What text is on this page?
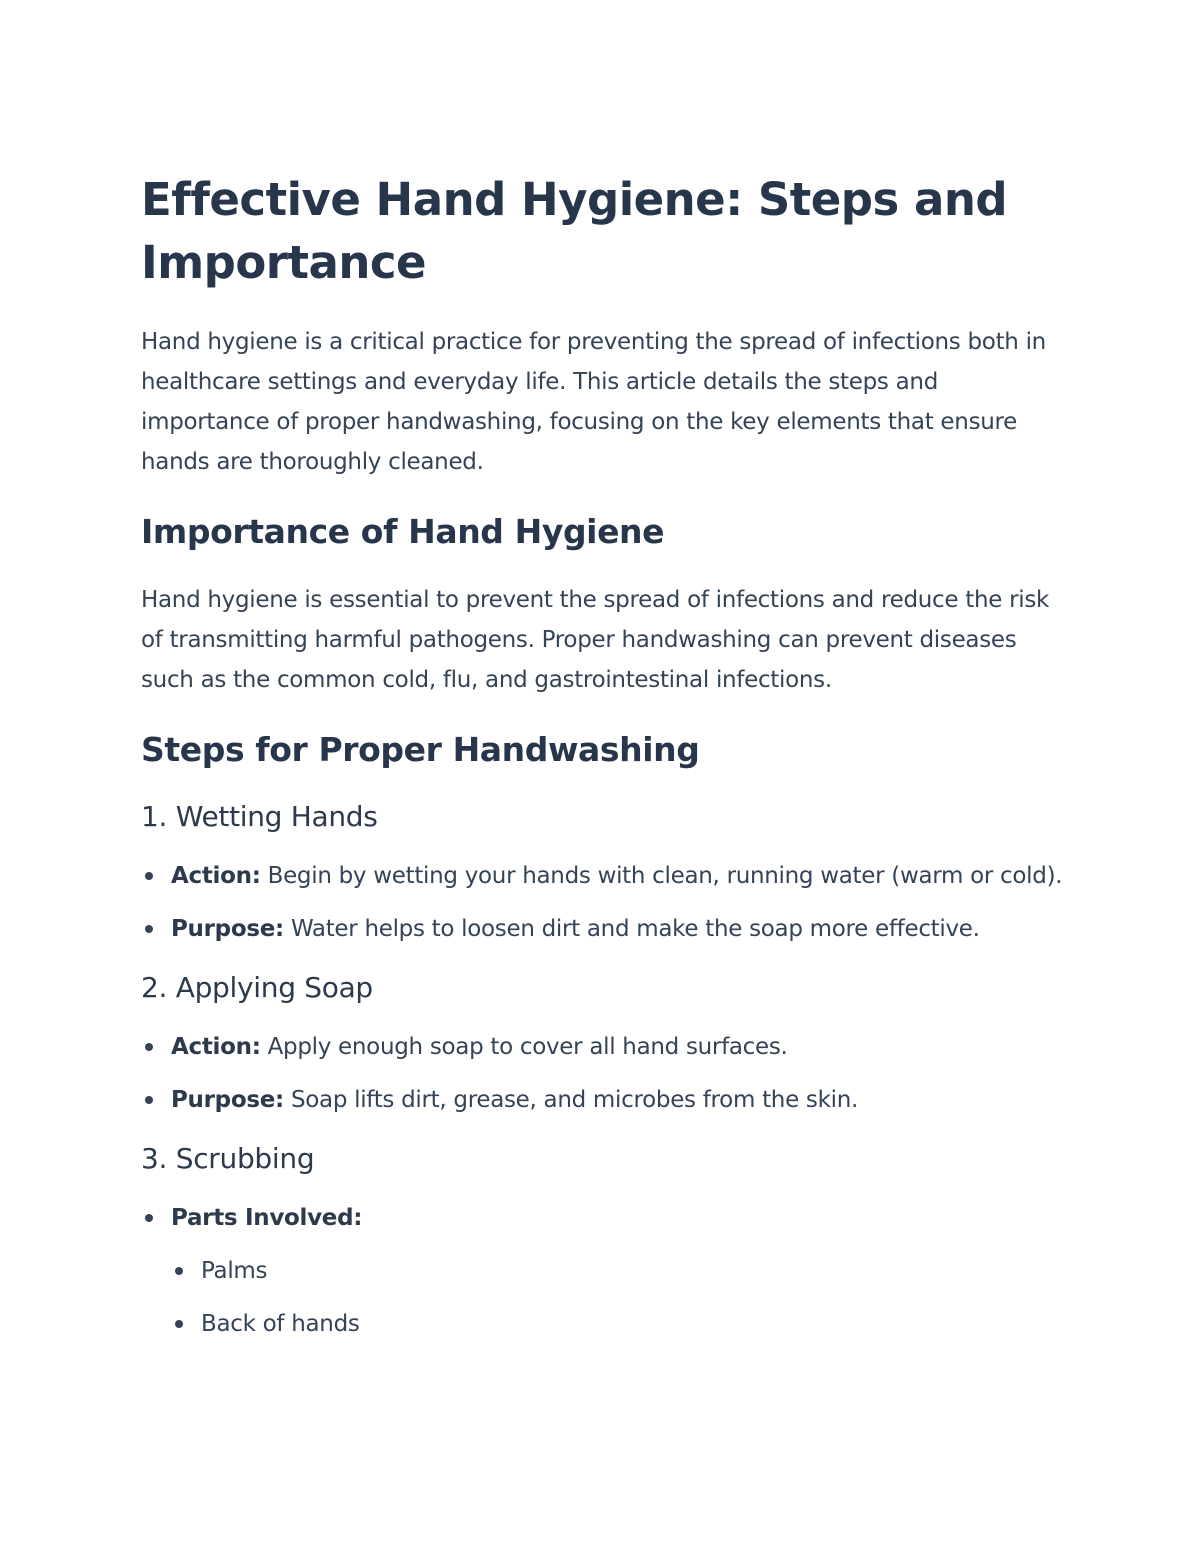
Effective Hand Hygiene: Steps and Importance

Hand hygiene is a critical practice for preventing the spread of infections both in healthcare settings and everyday life. This article details the steps and importance of proper handwashing, focusing on the key elements that ensure hands are thoroughly cleaned.

Importance of Hand Hygiene

Hand hygiene is essential to prevent the spread of infections and reduce the risk of transmitting harmful pathogens. Proper handwashing can prevent diseases such as the common cold, flu, and gastrointestinal infections.

Steps for Proper Handwashing
1. Wetting Hands
Action: Begin by wetting your hands with clean, running water (warm or cold).
Purpose: Water helps to loosen dirt and make the soap more effective.
2. Applying Soap
Action: Apply enough soap to cover all hand surfaces.
Purpose: Soap lifts dirt, grease, and microbes from the skin.
3. Scrubbing
Parts Involved:
Palms
Back of hands
